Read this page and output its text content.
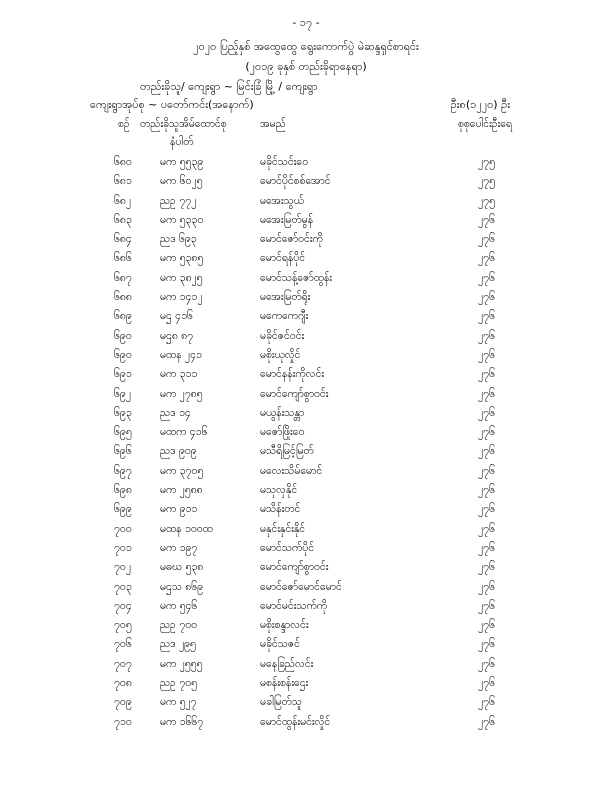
- ၁၇ -
၂၀၂၀ ပြည့်နှစ် အထွေထွေ ရွေးကောက်ပွဲ မဲဆန္ဒရှင်စာရင်း
(၂၀၁၉ ခုနှစ် တည်းခိုရာနေရာ)
တည်းခိုသူ/ ကျေးရွာ ~ မြင်းခြံ မြို့ / ကျေးရွာ
ကျေးရွာအုပ်စု ~ ပတော်ကင်း(အနောက်)	ဦး၈(၁၂၂၀) ဦး
စဉ် တည်းခိုသူအိမ်ထောင်စု
နံပါတ်
အမည်	စုစုပေါင်းဦးရေ
၆၈၀	မက ၅၅၃၉	မခိုင်သင်း၀ေ	၂၇၅
၆၈၁	မက ၆၀၂၅	မောင်ပိုင်စစ်အောင်	၂၇၅
၆၈၂	ညဥ ၇၇၂	မအေးသွယ်	၂၇၅
၆၈၃	မက ၅၃၃၀	မအေးမြတ်မွန်	၂၇၆
၆၈၄	ညဒ ၆၉၃	မောင်ဇော်ဝင်းကို	၂၇၆
၆၈၆	မက ၅၃၈၅	မောင်ရန်ပိုင်	၂၇၆
၆၈၇	မက ၃၈၂၅	မောင်သန့်ဇော်ထွန်း	၂၇၆
၆၈၈	မက ၁၄၁၂	မအေးမြတ်ရိုး	၂၇၆
၆၈၉	မဌ ၄၁၆	မကေကေဂျီး	၂၇၆
၆၉၀	မဌ၈ ၈၇	မခိုင်ဇင်ဝင်း	၂၇၆
၆၉၀	မထန ၂၄၁	မစိုးယုလှိုင်	၂၇၆
၆၉၁	မက ၃၁၁	မောင်နန်းကိုလင်း	၂၇၆
၆၉၂	မက ၂၇၈၅	မောင်ကျော်စွာဝင်း	၂၇၆
၆၉၃	ညဒ ၁၄	မယွန်းသန္တာ	၂၇၆
၆၉၅	မထက ၄၁၆	မဇော်ဖြိုး၀ေ	၂၇၆
၆၉၆	ညဒ ၉၀၉	မသီရိမြင့်မြတ်	၂၇၆
၆၉၇	မက ၃၇၀၅	မလေးသိမ်မောင်	၂၇၆
၆၉၈	မက ၂၅၈၈	မသုလှနိုင်	၂၇၆
၆၉၉	မက ၉၁၁	မသိန်းတင်	၂၇၆
၇၀၀	မထန ၁၀၀ထ	မနှင်းနှင်းနိုင်	၂၇၆
၇၀၁	မက ၁၉၇	မောင်သက်ပိုင်	၂၇၆
၇၀၂	မဓဃ ၅၃၈	မောင်ကျော်စွာဝင်း	၂၇၆
၇၀၃	မဌသ ၈၆၉	မောင်ဇော်မောင်မောင်	၂၇၆
၇၀၄	မက ၅၄၆	မောင်မင်းသက်ကို	၂၇၆
၇၀၅	ညဥ ၇၀၀	မစိုးစန္ဒာလင်း	၂၇၆
၇၀၆	ညဒ ၂၉၅	မခိုင်သဇင်	၂၇၆
၇၀၇	မက ၂၅၅၅	မနေခြည်လင်း	၂၇၆
၇၀၈	ညဥ ၇၀၅	မစန်းစန်းဌေး	၂၇၆
၇၀၉	မက ၅၂၇	မခါမြတ်သူ	၂၇၆
၇၁၀	မက ၁၆၆၇	မောင်ထွန်းမင်းလှိုင်	၂၇၆
